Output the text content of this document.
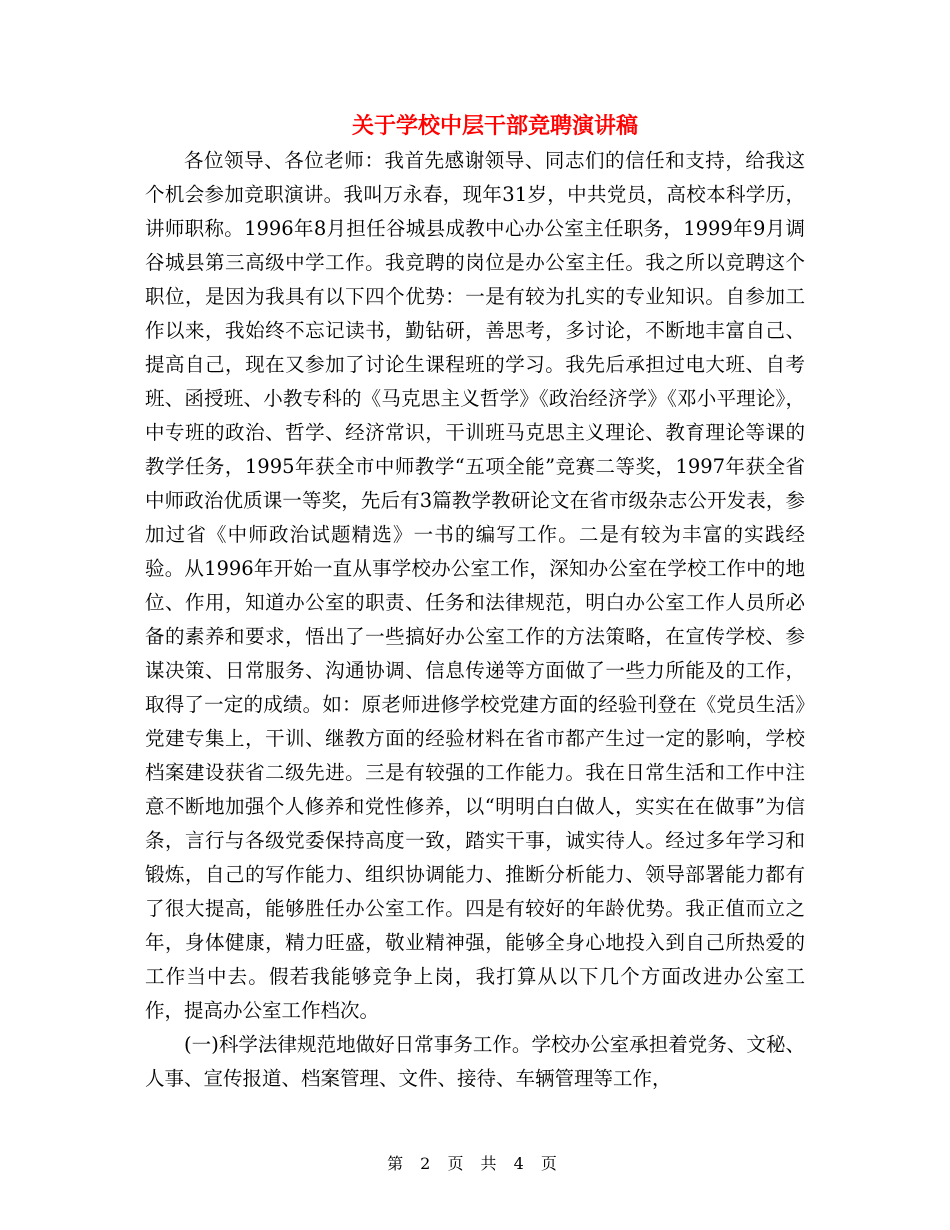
关于学校中层干部竞聘演讲稿

各位领导、各位老师：我首先感谢领导、同志们的信任和支持，给我这个机会参加竞职演讲。我叫万永春，现年31岁，中共党员，高校本科学历，讲师职称。1996年8月担任谷城县成教中心办公室主任职务，1999年9月调谷城县第三高级中学工作。我竞聘的岗位是办公室主任。我之所以竞聘这个职位，是因为我具有以下四个优势：一是有较为扎实的专业知识。自参加工作以来，我始终不忘记读书，勤钻研，善思考，多讨论，不断地丰富自己、提高自己，现在又参加了讨论生课程班的学习。我先后承担过电大班、自考班、函授班、小教专科的《马克思主义哲学》《政治经济学》《邓小平理论》，中专班的政治、哲学、经济常识，干训班马克思主义理论、教育理论等课的教学任务，1995年获全市中师教学“五项全能”竞赛二等奖，1997年获全省中师政治优质课一等奖，先后有3篇教学教研论文在省市级杂志公开发表，参加过省《中师政治试题精选》一书的编写工作。二是有较为丰富的实践经验。从1996年开始一直从事学校办公室工作，深知办公室在学校工作中的地位、作用，知道办公室的职责、任务和法律规范，明白办公室工作人员所必备的素养和要求，悟出了一些搞好办公室工作的方法策略，在宣传学校、参谋决策、日常服务、沟通协调、信息传递等方面做了一些力所能及的工作，取得了一定的成绩。如：原老师进修学校党建方面的经验刊登在《党员生活》党建专集上，干训、继教方面的经验材料在省市都产生过一定的影响，学校档案建设获省二级先进。三是有较强的工作能力。我在日常生活和工作中注意不断地加强个人修养和党性修养，以“明明白白做人，实实在在做事”为信条，言行与各级党委保持高度一致，踏实干事，诚实待人。经过多年学习和锻炼，自己的写作能力、组织协调能力、推断分析能力、领导部署能力都有了很大提高，能够胜任办公室工作。四是有较好的年龄优势。我正值而立之年，身体健康，精力旺盛，敬业精神强，能够全身心地投入到自己所热爱的工作当中去。假若我能够竞争上岗，我打算从以下几个方面改进办公室工作，提高办公室工作档次。

(一)科学法律规范地做好日常事务工作。学校办公室承担着党务、文秘、人事、宣传报道、档案管理、文件、接待、车辆管理等工作，

第 2 页 共 4 页
